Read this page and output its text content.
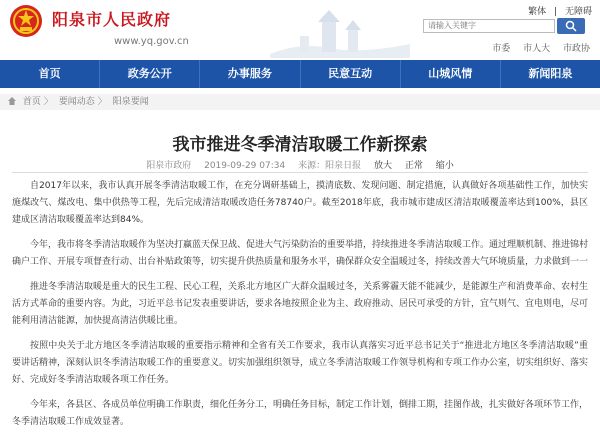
阳泉市人民政府
www.yq.gov.cn
繁体 | 无障碍
请输入关键字
市委 市人大 市政协
首页	政务公开	办事服务	民意互动	山城风情	新闻阳泉
首页 〉 要闻动态 〉 阳泉要闻
我市推进冬季清洁取暖工作新探索
阳泉市政府 2019-09-29 07:34 来源：阳泉日报 放大 正常 缩小

自2017年以来，我市认真开展冬季清洁取暖工作，在充分调研基础上，摸清底数、发现问题、制定措施，认真做好各项基础性工作，加快实施煤改气、煤改电、集中供热等工程，先后完成清洁取暖改造任务78740户。截至2018年底，我市城市建成区清洁取暖覆盖率达到100%，县区建成区清洁取暖覆盖率达到84%。

今年，我市将冬季清洁取暖作为坚决打赢蓝天保卫战、促进大气污染防治的重要举措，持续推进冬季清洁取暖工作。通过理顺机制、推进锦村确户工作、开展专项督查行动、出台补贴政策等，切实提升供热质量和服务水平，确保群众安全温暖过冬，持续改善大气环境质量，力求做到一一

推进冬季清洁取暖是重大的民生工程、民心工程，关系北方地区广大群众温暖过冬，关系雾霾天能不能减少，是能源生产和消费革命、农村生活方式革命的重要内容。为此，习近平总书记发表重要讲话，要求各地按照企业为主、政府推动、居民可承受的方针，宜气则气、宜电则电，尽可能利用清洁能源，加快提高清洁供暖比重。

按照中央关于北方地区冬季清洁取暖的重要指示精神和全省有关工作要求，我市认真落实习近平总书记关于“推进北方地区冬季清洁取暖”重要讲话精神，深刻认识冬季清洁取暖工作的重要意义。切实加强组织领导，成立冬季清洁取暖工作领导机构和专项工作办公室，切实组织好、落实好、完成好冬季清洁取暖各项工作任务。

今年来，各县区、各成员单位明确工作职责，细化任务分工，明确任务目标，制定工作计划，倒排工期，挂图作战，扎实做好各项环节工作，冬季清洁取暖工作成效显著。
